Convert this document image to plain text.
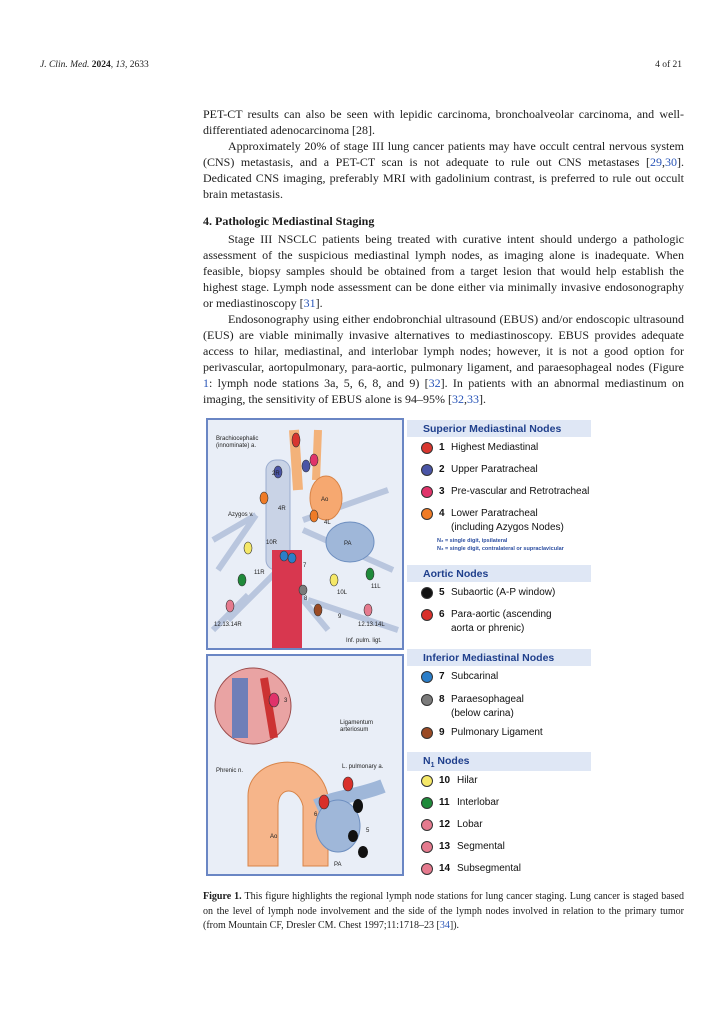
J. Clin. Med. 2024, 13, 2633	4 of 21

PET-CT results can also be seen with lepidic carcinoma, bronchoalveolar carcinoma, and well-differentiated adenocarcinoma [28].

Approximately 20% of stage III lung cancer patients may have occult central nervous system (CNS) metastasis, and a PET-CT scan is not adequate to rule out CNS metastases [29,30]. Dedicated CNS imaging, preferably MRI with gadolinium contrast, is preferred to rule out occult brain metastasis.

4. Pathologic Mediastinal Staging

Stage III NSCLC patients being treated with curative intent should undergo a pathologic assessment of the suspicious mediastinal lymph nodes, as imaging alone is inadequate. When feasible, biopsy samples should be obtained from a target lesion that would help establish the highest stage. Lymph node assessment can be done either via minimally invasive endosonography or mediastinoscopy [31].

Endosonography using either endobronchial ultrasound (EBUS) and/or endoscopic ultrasound (EUS) are viable minimally invasive alternatives to mediastinoscopy. EBUS provides adequate access to hilar, mediastinal, and interlobar lymph nodes; however, it is not a good option for perivascular, aortopulmonary, para-aortic, pulmonary ligament, and paraesophageal nodes (Figure 1: lymph node stations 3a, 5, 6, 8, and 9) [32]. In patients with an abnormal mediastinum on imaging, the sensitivity of EBUS alone is 94–95% [32,33].

Brachiocephalic
(innominate) a.
Azygos v.
Ao
PA
2R
4R
4L
10R
11R
7
8
9
10L
11L
12.13.14R	12.13.14L
Inf. pulm. ligt.
Ligamentum
arteriosum
L. pulmonary a.
Phrenic n.
Ao
PA
3
5
6
Superior Mediastinal Nodes
1 Highest Mediastinal
2 Upper Paratracheal
3 Pre-vascular and Retrotracheal
4 Lower Paratracheal
(including Azygos Nodes)
N₂ = single digit, ipsilateral
N₃ = single digit, contralateral or supraclavicular
Aortic Nodes
5 Subaortic (A-P window)
6 Para-aortic (ascending
aorta or phrenic)
Inferior Mediastinal Nodes
7 Subcarinal
8 Paraesophageal
(below carina)
9 Pulmonary Ligament
$N_1$ Nodes
10 Hilar
11 Interlobar
12 Lobar
13 Segmental
14 Subsegmental
Figure 1. This figure highlights the regional lymph node stations for lung cancer staging. Lung cancer is staged based on the level of lymph node involvement and the side of the lymph nodes involved in relation to the primary tumor (from Mountain CF, Dresler CM. Chest 1997;11:1718–23 [34]).
